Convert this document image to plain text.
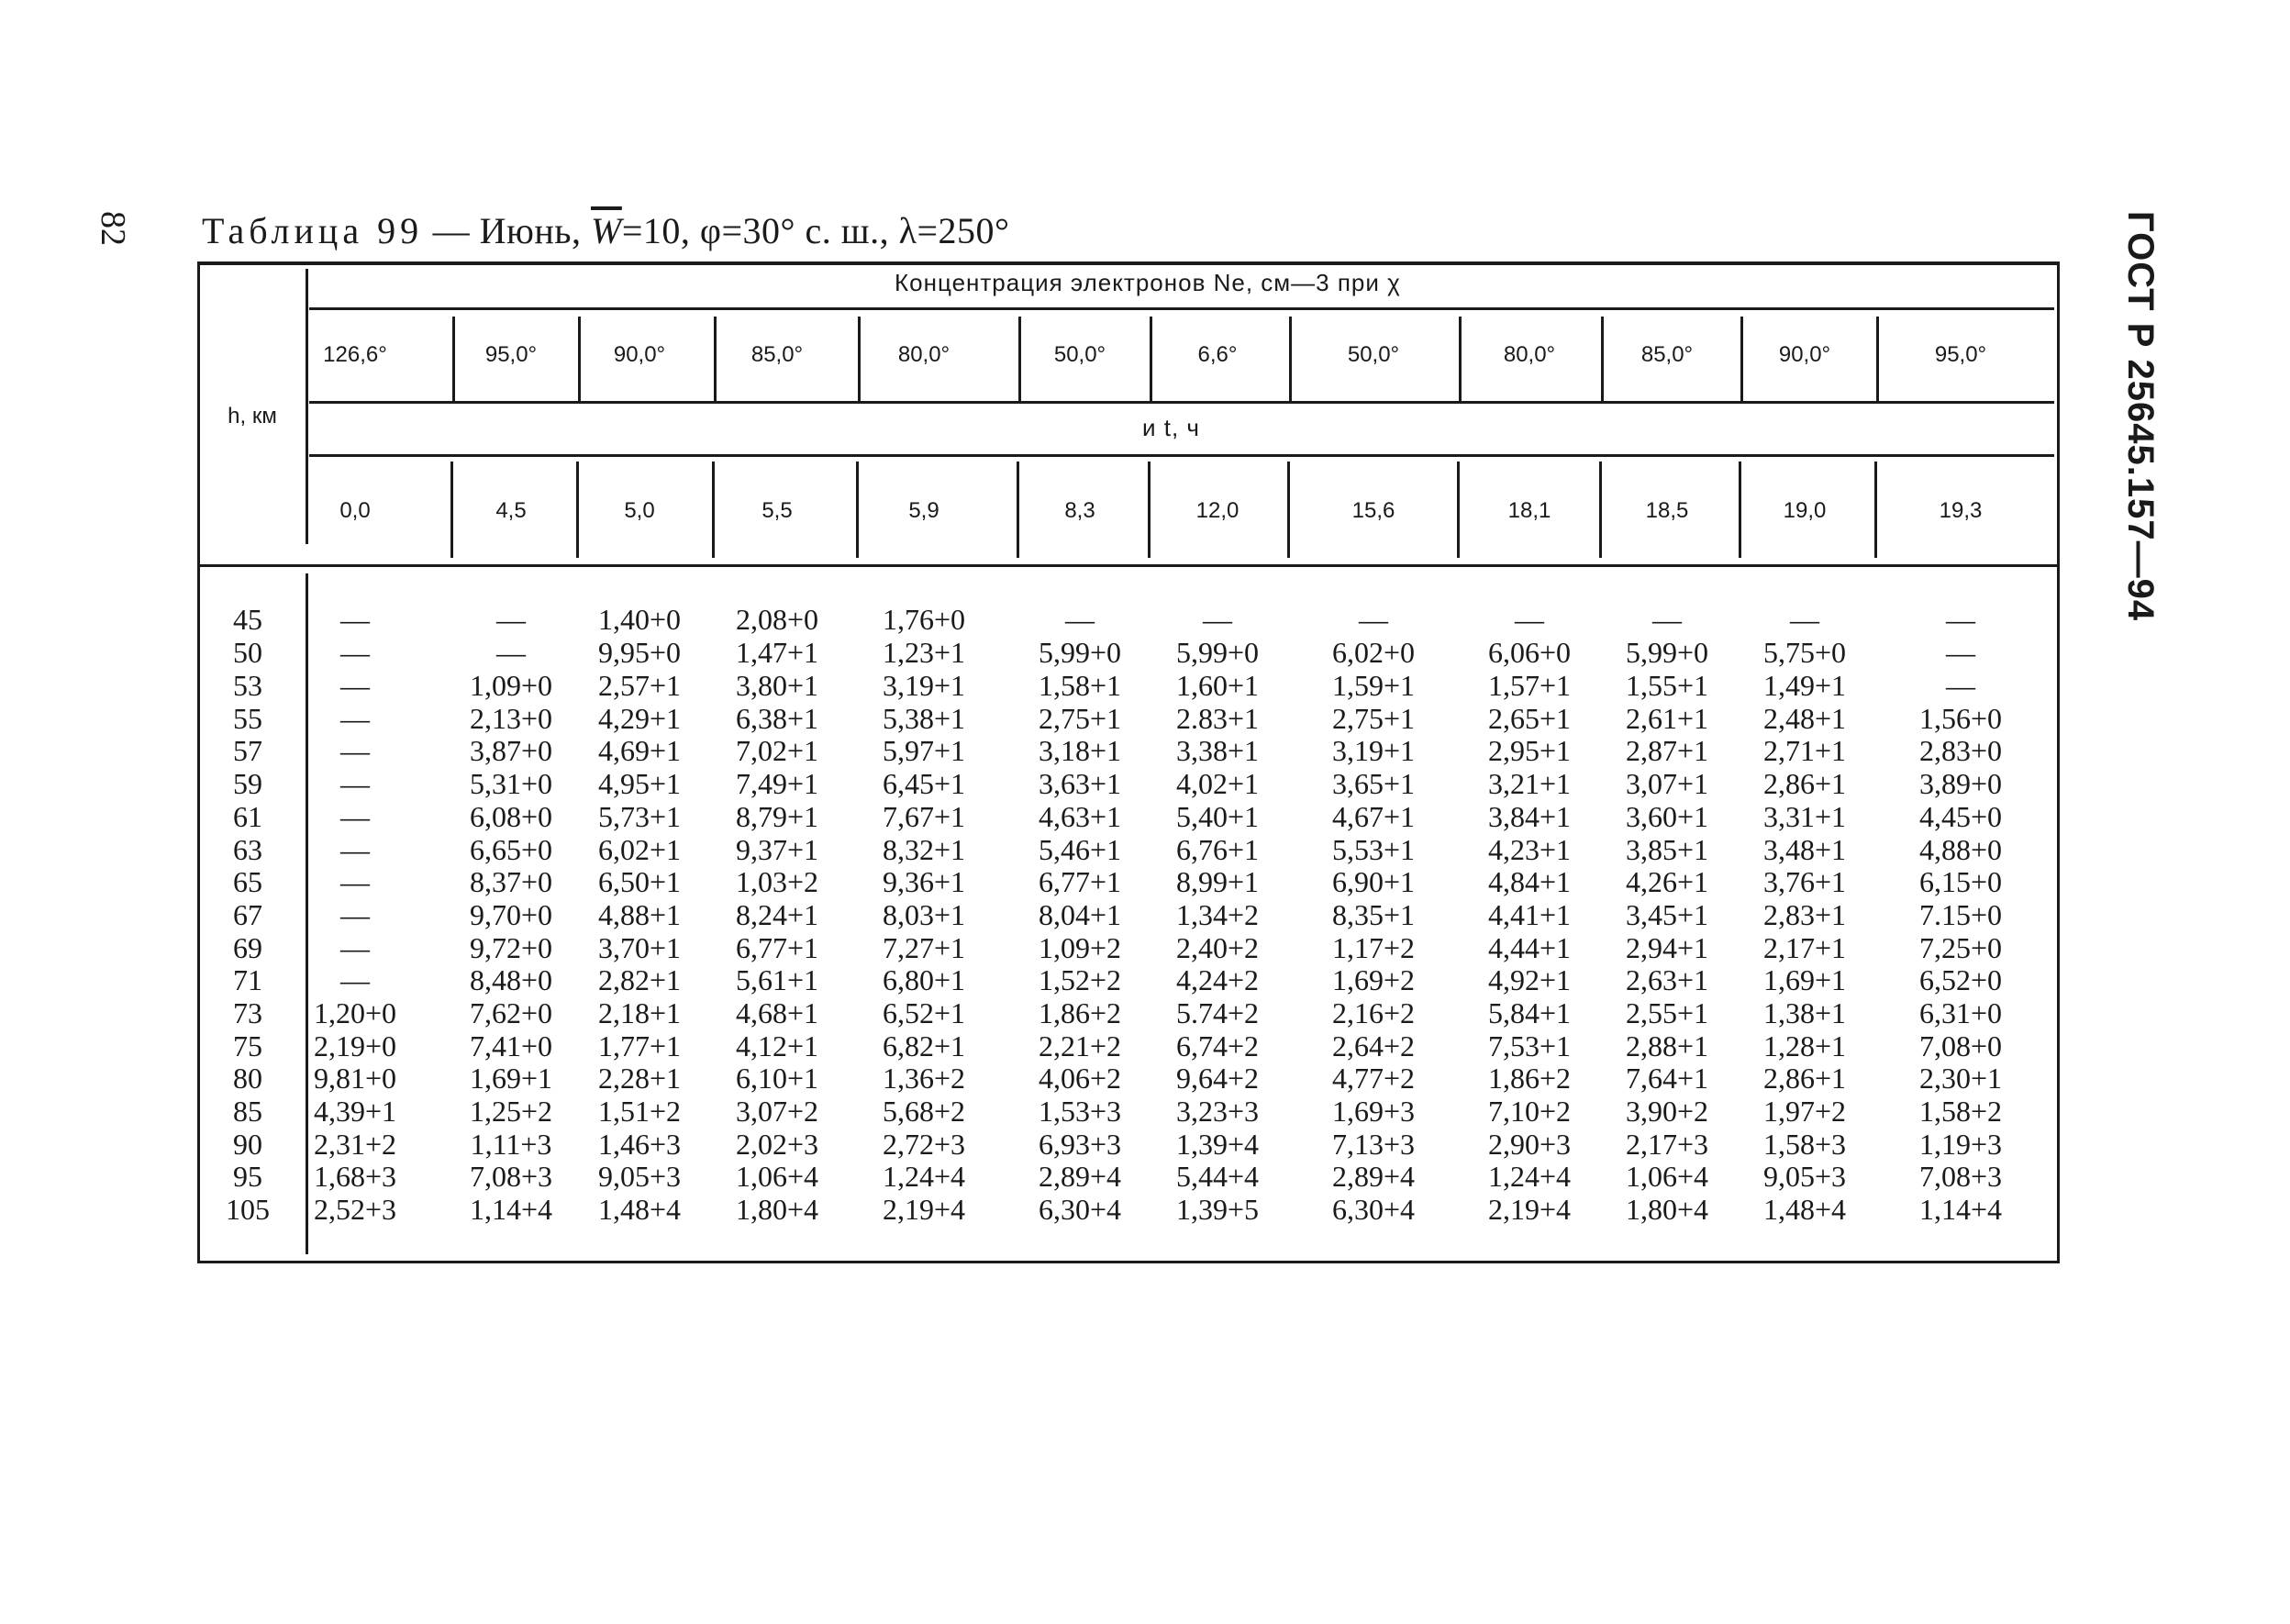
82	ГОСТ Р 25645.157—94
Таблица 99 — Июнь, $\overline{W}=10$, φ=30° с. ш., λ=250°
h, км
Концентрация электронов Nе, см—3 при χ
и t, ч
126,6°	95,0°	90,0°	85,0°	80,0°	50,0°	6,6°	50,0°	80,0°	85,0°	90,0°	95,0°
0,0	4,5	5,0	5,5	5,9	8,3	12,0	15,6	18,1	18,5	19,0	19,3
45	—	—	1,40+0	2,08+0	1,76+0	—	—	—	—	—	—	—
50	—	—	9,95+0	1,47+1	1,23+1	5,99+0	5,99+0	6,02+0	6,06+0	5,99+0	5,75+0	—
53	—	1,09+0	2,57+1	3,80+1	3,19+1	1,58+1	1,60+1	1,59+1	1,57+1	1,55+1	1,49+1	—
55	—	2,13+0	4,29+1	6,38+1	5,38+1	2,75+1	2.83+1	2,75+1	2,65+1	2,61+1	2,48+1	1,56+0
57	—	3,87+0	4,69+1	7,02+1	5,97+1	3,18+1	3,38+1	3,19+1	2,95+1	2,87+1	2,71+1	2,83+0
59	—	5,31+0	4,95+1	7,49+1	6,45+1	3,63+1	4,02+1	3,65+1	3,21+1	3,07+1	2,86+1	3,89+0
61	—	6,08+0	5,73+1	8,79+1	7,67+1	4,63+1	5,40+1	4,67+1	3,84+1	3,60+1	3,31+1	4,45+0
63	—	6,65+0	6,02+1	9,37+1	8,32+1	5,46+1	6,76+1	5,53+1	4,23+1	3,85+1	3,48+1	4,88+0
65	—	8,37+0	6,50+1	1,03+2	9,36+1	6,77+1	8,99+1	6,90+1	4,84+1	4,26+1	3,76+1	6,15+0
67	—	9,70+0	4,88+1	8,24+1	8,03+1	8,04+1	1,34+2	8,35+1	4,41+1	3,45+1	2,83+1	7.15+0
69	—	9,72+0	3,70+1	6,77+1	7,27+1	1,09+2	2,40+2	1,17+2	4,44+1	2,94+1	2,17+1	7,25+0
71	—	8,48+0	2,82+1	5,61+1	6,80+1	1,52+2	4,24+2	1,69+2	4,92+1	2,63+1	1,69+1	6,52+0
73	1,20+0	7,62+0	2,18+1	4,68+1	6,52+1	1,86+2	5.74+2	2,16+2	5,84+1	2,55+1	1,38+1	6,31+0
75	2,19+0	7,41+0	1,77+1	4,12+1	6,82+1	2,21+2	6,74+2	2,64+2	7,53+1	2,88+1	1,28+1	7,08+0
80	9,81+0	1,69+1	2,28+1	6,10+1	1,36+2	4,06+2	9,64+2	4,77+2	1,86+2	7,64+1	2,86+1	2,30+1
85	4,39+1	1,25+2	1,51+2	3,07+2	5,68+2	1,53+3	3,23+3	1,69+3	7,10+2	3,90+2	1,97+2	1,58+2
90	2,31+2	1,11+3	1,46+3	2,02+3	2,72+3	6,93+3	1,39+4	7,13+3	2,90+3	2,17+3	1,58+3	1,19+3
95	1,68+3	7,08+3	9,05+3	1,06+4	1,24+4	2,89+4	5,44+4	2,89+4	1,24+4	1,06+4	9,05+3	7,08+3
105	2,52+3	1,14+4	1,48+4	1,80+4	2,19+4	6,30+4	1,39+5	6,30+4	2,19+4	1,80+4	1,48+4	1,14+4
